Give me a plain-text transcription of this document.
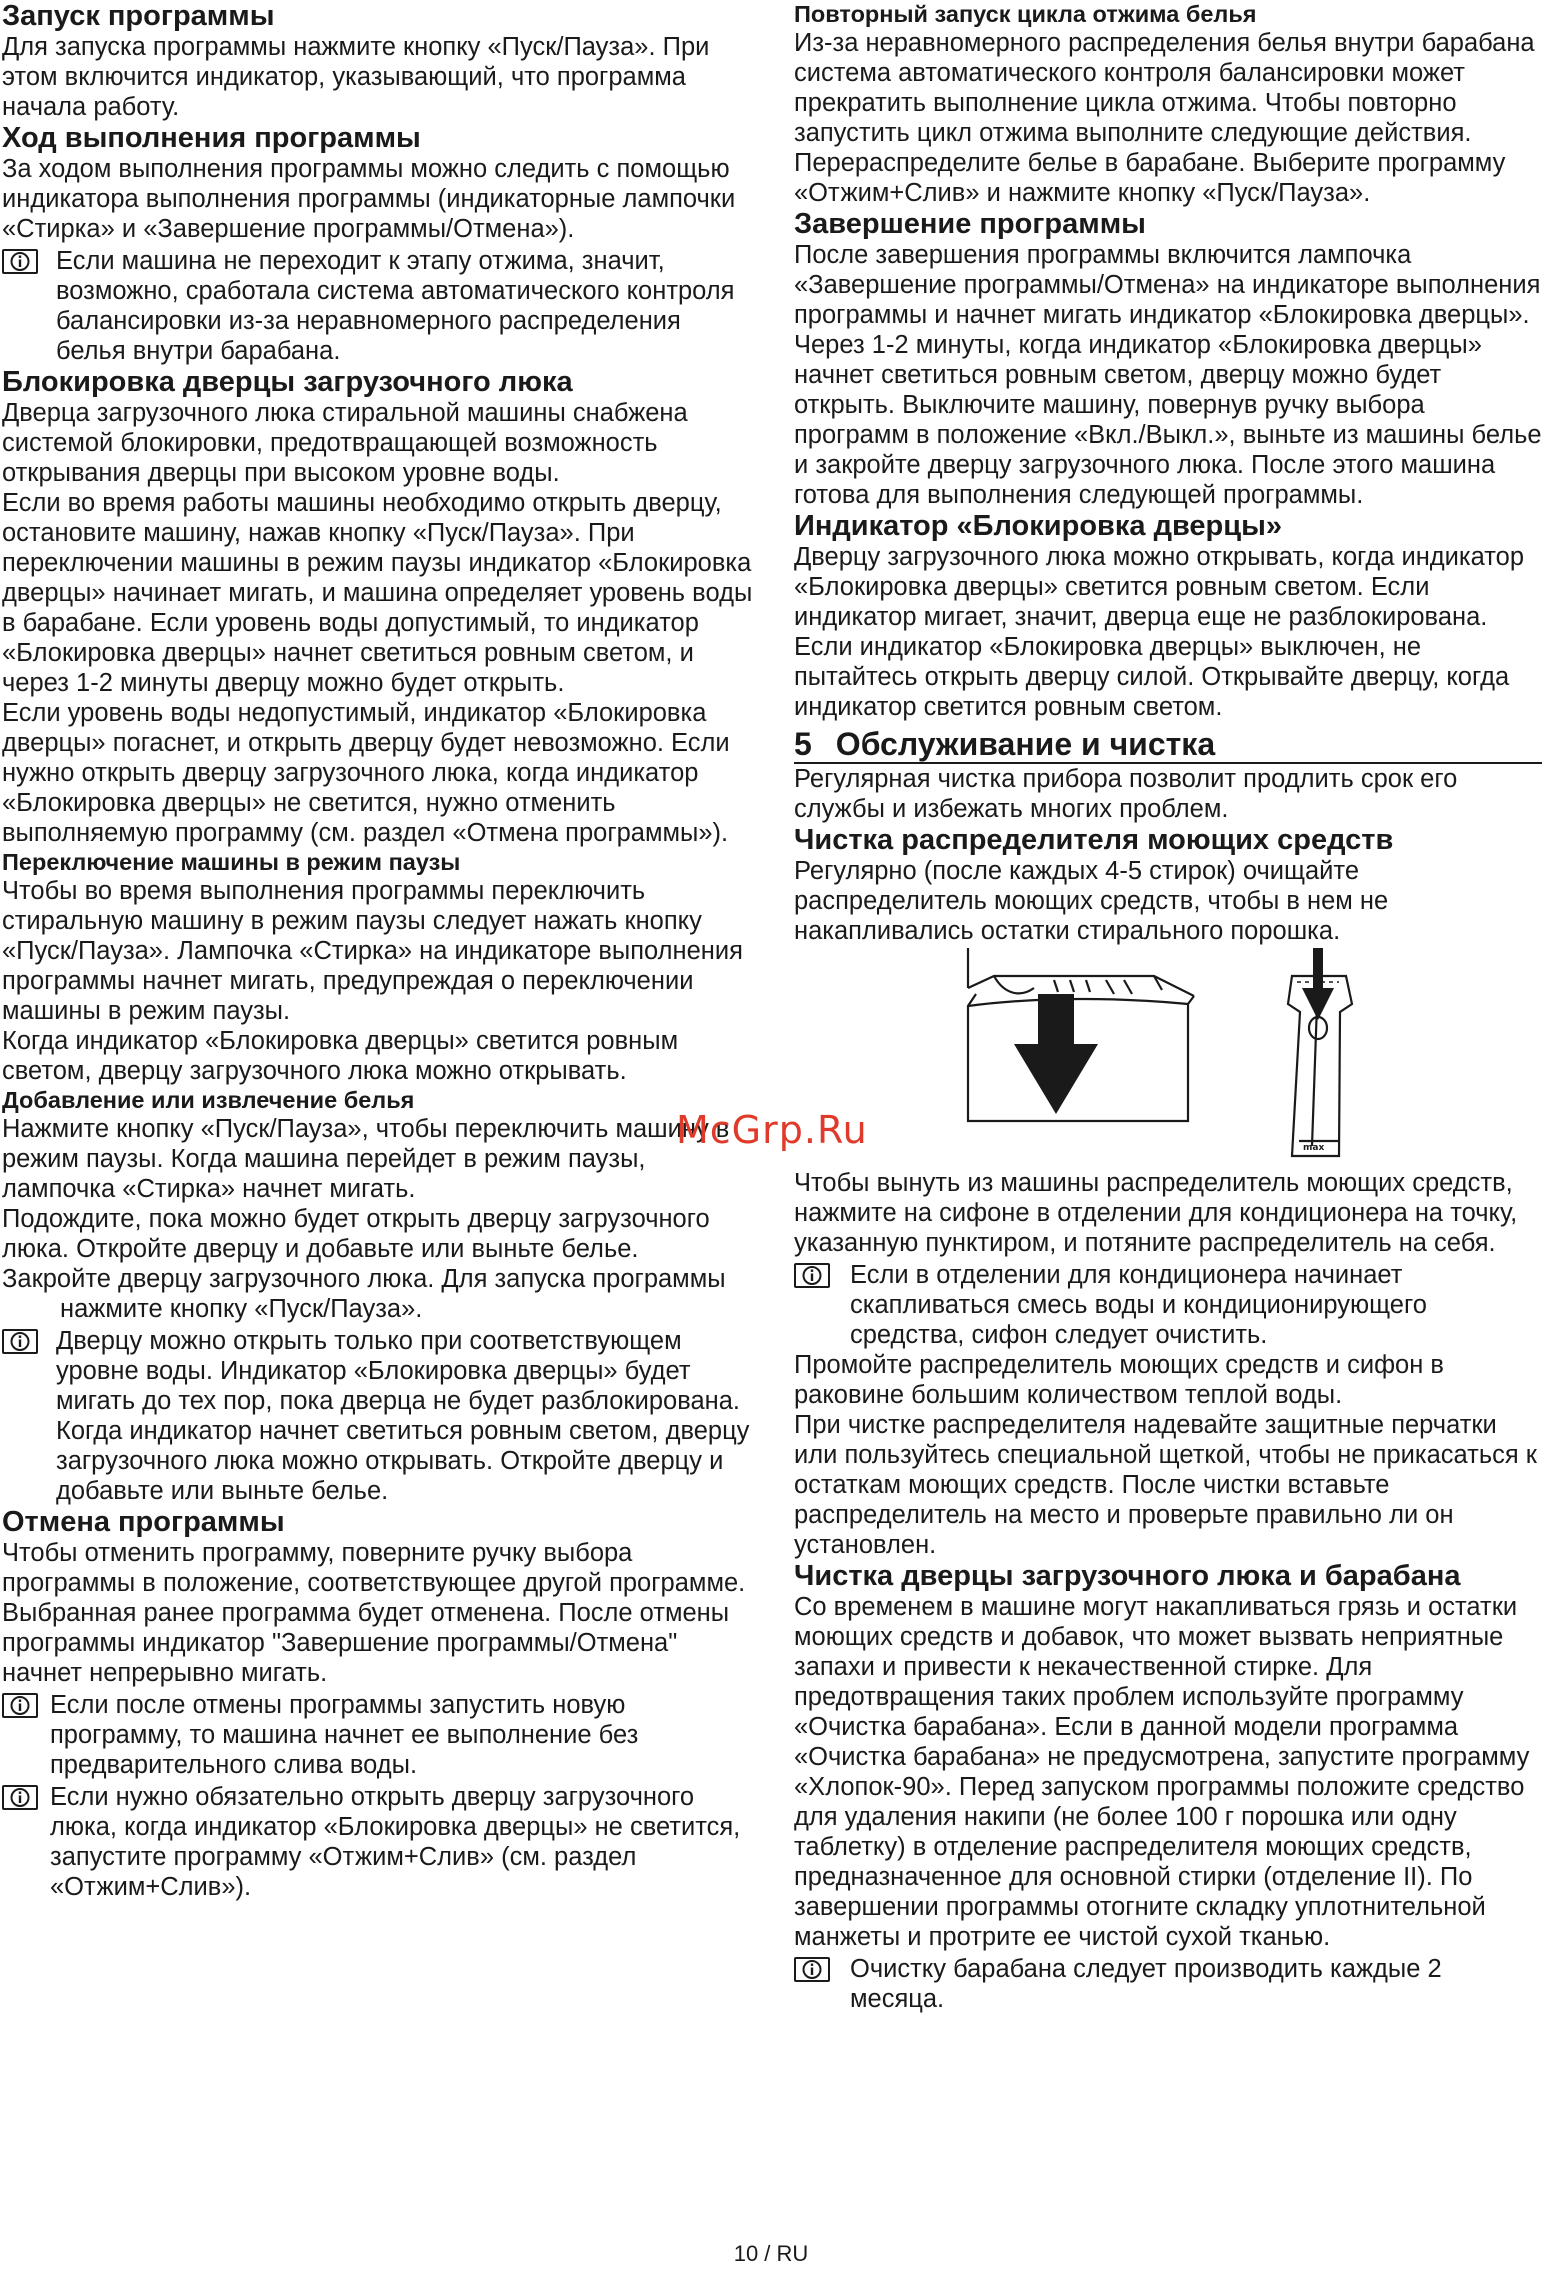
Запуск программы

Для запуска программы нажмите кнопку «Пуск/Пауза». При этом включится индикатор, указывающий, что программа начала работу.

Ход выполнения программы

За ходом выполнения программы можно следить с помощью индикатора выполнения программы (индикаторные лампочки «Стирка» и «Завершение программы/Отмена»).

Если машина не переходит к этапу отжима, значит, возможно, сработала система автоматического контроля балансировки из-за неравномерного распределения белья внутри барабана.

Блокировка дверцы загрузочного люка

Дверца загрузочного люка стиральной машины снабжена системой блокировки, предотвращающей возможность открывания дверцы при высоком уровне воды.

Если во время работы машины необходимо открыть дверцу, остановите машину, нажав кнопку «Пуск/Пауза». При переключении машины в режим паузы индикатор «Блокировка дверцы» начинает мигать, и машина определяет уровень воды в барабане. Если уровень воды допустимый, то индикатор «Блокировка дверцы» начнет светиться ровным светом, и через 1-2 минуты дверцу можно будет открыть.

Если уровень воды недопустимый, индикатор «Блокировка дверцы» погаснет, и открыть дверцу будет невозможно. Если нужно открыть дверцу загрузочного люка, когда индикатор «Блокировка дверцы» не светится, нужно отменить выполняемую программу (см. раздел «Отмена программы»).

Переключение машины в режим паузы

Чтобы во время выполнения программы переключить стиральную машину в режим паузы следует нажать кнопку «Пуск/Пауза». Лампочка «Стирка» на индикаторе выполнения программы начнет мигать, предупреждая о переключении машины в режим паузы.

Когда индикатор «Блокировка дверцы» светится ровным светом, дверцу загрузочного люка можно открывать.

Добавление или извлечение белья

Нажмите кнопку «Пуск/Пауза», чтобы переключить машину в режим паузы. Когда машина перейдет в режим паузы, лампочка «Стирка» начнет мигать.

Подождите, пока можно будет открыть дверцу загрузочного люка. Откройте дверцу и добавьте или выньте белье.

Закройте дверцу загрузочного люка. Для запуска программы нажмите кнопку «Пуск/Пауза».

Дверцу можно открыть только при соответствующем уровне воды. Индикатор «Блокировка дверцы» будет мигать до тех пор, пока дверца не будет разблокирована. Когда индикатор начнет светиться ровным светом, дверцу загрузочного люка можно открывать. Откройте дверцу и добавьте или выньте белье.

Отмена программы

Чтобы отменить программу, поверните ручку выбора программы в положение, соответствующее другой программе. Выбранная ранее программа будет отменена. После отмены программы индикатор "Завершение программы/Отмена" начнет непрерывно мигать.

Если после отмены программы запустить новую программу, то машина начнет ее выполнение без предварительного слива воды.

Если нужно обязательно открыть дверцу загрузочного люка, когда индикатор «Блокировка дверцы» не светится, запустите программу «Отжим+Слив» (см. раздел «Отжим+Слив»).

Повторный запуск цикла отжима белья

Из-за неравномерного распределения белья внутри барабана система автоматического контроля балансировки может прекратить выполнение цикла отжима. Чтобы повторно запустить цикл отжима выполните следующие действия.

Перераспределите белье в барабане. Выберите программу «Отжим+Слив» и нажмите кнопку «Пуск/Пауза».

Завершение программы

После завершения программы включится лампочка «Завершение программы/Отмена» на индикаторе выполнения программы и начнет мигать индикатор «Блокировка дверцы». Через 1-2 минуты, когда индикатор «Блокировка дверцы» начнет светиться ровным светом, дверцу можно будет открыть. Выключите машину, повернув ручку выбора программ в положение «Вкл./Выкл.», выньте из машины белье и закройте дверцу загрузочного люка. После этого машина готова для выполнения следующей программы.

Индикатор «Блокировка дверцы»

Дверцу загрузочного люка можно открывать, когда индикатор «Блокировка дверцы» светится ровным светом. Если индикатор мигает, значит, дверца еще не разблокирована. Если индикатор «Блокировка дверцы» выключен, не пытайтесь открыть дверцу силой. Открывайте дверцу, когда индикатор светится ровным светом.

5 Обслуживание и чистка

Регулярная чистка прибора позволит продлить срок его службы и избежать многих проблем.

Чистка распределителя моющих средств

Регулярно (после каждых 4-5 стирок) очищайте распределитель моющих средств, чтобы в нем не накапливались остатки стирального порошка.

max

Чтобы вынуть из машины распределитель моющих средств, нажмите на сифоне в отделении для кондиционера на точку, указанную пунктиром, и потяните распределитель на себя.

Если в отделении для кондиционера начинает скапливаться смесь воды и кондиционирующего средства, сифон следует очистить.

Промойте распределитель моющих средств и сифон в раковине большим количеством теплой воды.

При чистке распределителя надевайте защитные перчатки или пользуйтесь специальной щеткой, чтобы не прикасаться к остаткам моющих средств. После чистки вставьте распределитель на место и проверьте правильно ли он установлен.

Чистка дверцы загрузочного люка и барабана

Со временем в машине могут накапливаться грязь и остатки моющих средств и добавок, что может вызвать неприятные запахи и привести к некачественной стирке. Для предотвращения таких проблем используйте программу «Очистка барабана». Если в данной модели программа «Очистка барабана» не предусмотрена, запустите программу «Хлопок-90». Перед запуском программы положите средство для удаления накипи (не более 100 г порошка или одну таблетку) в отделение распределителя моющих средств, предназначенное для основной стирки (отделение II). По завершении программы отогните складку уплотнительной манжеты и протрите ее чистой сухой тканью.

Очистку барабана следует производить каждые 2 месяца.

McGrp.Ru
10 / RU
